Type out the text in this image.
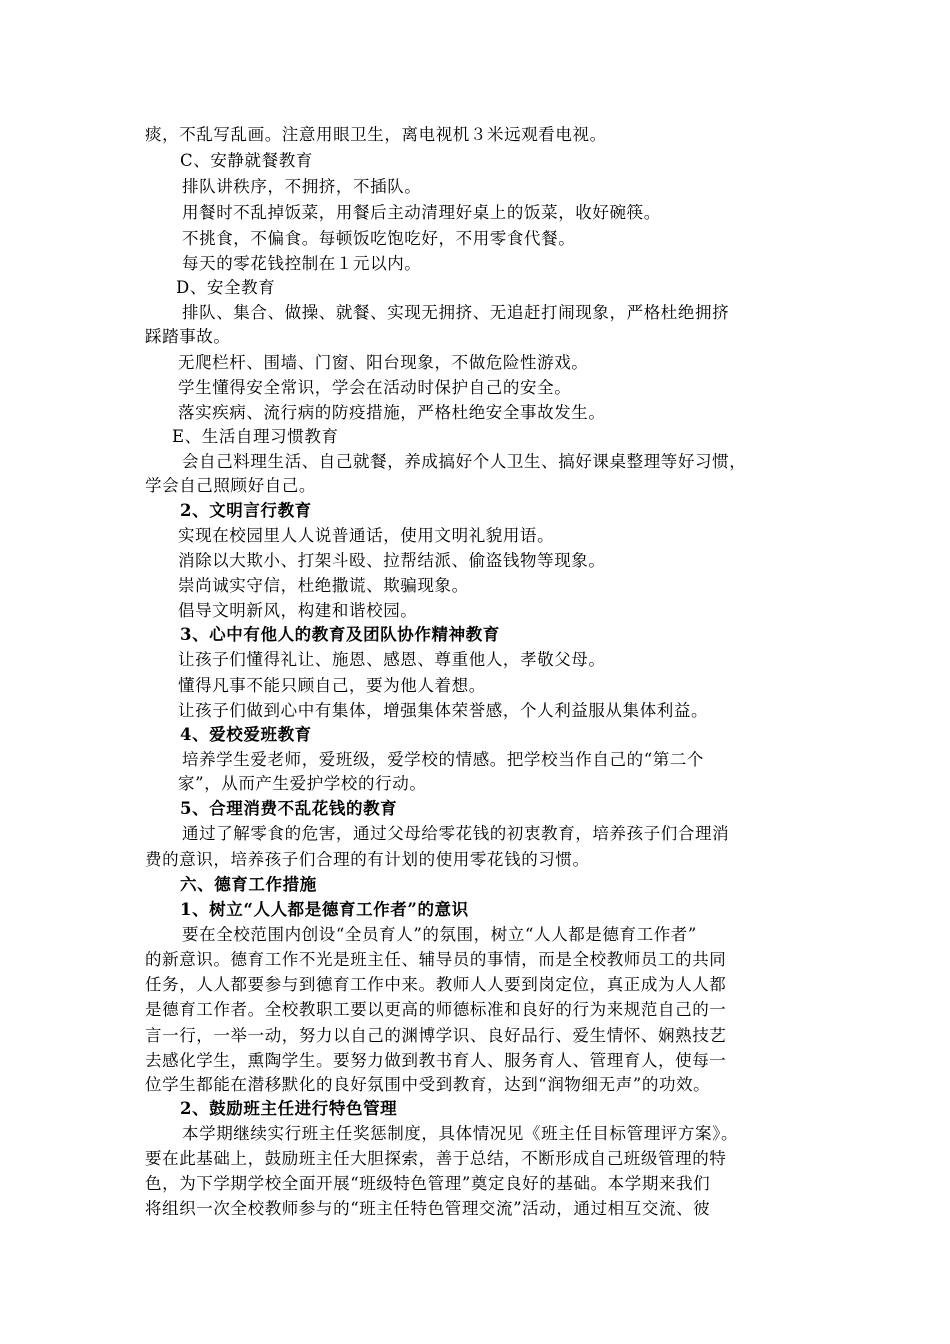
痰，不乱写乱画。注意用眼卫生，离电视机３米远观看电视。
C、安静就餐教育
排队讲秩序，不拥挤，不插队。
用餐时不乱掉饭菜，用餐后主动清理好桌上的饭菜，收好碗筷。
不挑食，不偏食。每顿饭吃饱吃好，不用零食代餐。
每天的零花钱控制在１元以内。
D、安全教育
排队、集合、做操、就餐、实现无拥挤、无追赶打闹现象，严格杜绝拥挤
踩踏事故。
无爬栏杆、围墙、门窗、阳台现象，不做危险性游戏。
学生懂得安全常识，学会在活动时保护自己的安全。
落实疾病、流行病的防疫措施，严格杜绝安全事故发生。
E、生活自理习惯教育
会自己料理生活、自己就餐，养成搞好个人卫生、搞好课桌整理等好习惯，
学会自己照顾好自己。
2、文明言行教育
实现在校园里人人说普通话，使用文明礼貌用语。
消除以大欺小、打架斗殴、拉帮结派、偷盗钱物等现象。
崇尚诚实守信，杜绝撒谎、欺骗现象。
倡导文明新风，构建和谐校园。
3、心中有他人的教育及团队协作精神教育
让孩子们懂得礼让、施恩、感恩、尊重他人，孝敬父母。
懂得凡事不能只顾自己，要为他人着想。
让孩子们做到心中有集体，增强集体荣誉感，个人利益服从集体利益。
4、爱校爱班教育
培养学生爱老师，爱班级，爱学校的情感。把学校当作自己的“第二个
家”，从而产生爱护学校的行动。
5、合理消费不乱花钱的教育
通过了解零食的危害，通过父母给零花钱的初衷教育，培养孩子们合理消
费的意识，培养孩子们合理的有计划的使用零花钱的习惯。
六、德育工作措施
1、树立“人人都是德育工作者”的意识
要在全校范围内创设“全员育人”的氛围，树立“人人都是德育工作者”
的新意识。德育工作不光是班主任、辅导员的事情，而是全校教师员工的共同
任务，人人都要参与到德育工作中来。教师人人要到岗定位，真正成为人人都
是德育工作者。全校教职工要以更高的师德标准和良好的行为来规范自己的一
言一行，一举一动，努力以自己的渊博学识、良好品行、爱生情怀、娴熟技艺
去感化学生，熏陶学生。要努力做到教书育人、服务育人、管理育人，使每一
位学生都能在潜移默化的良好氛围中受到教育，达到“润物细无声”的功效。
2、鼓励班主任进行特色管理
本学期继续实行班主任奖惩制度，具体情况见《班主任目标管理评方案》。
要在此基础上，鼓励班主任大胆探索，善于总结，不断形成自己班级管理的特
色，为下学期学校全面开展“班级特色管理”奠定良好的基础。本学期来我们
将组织一次全校教师参与的“班主任特色管理交流”活动，通过相互交流、彼
